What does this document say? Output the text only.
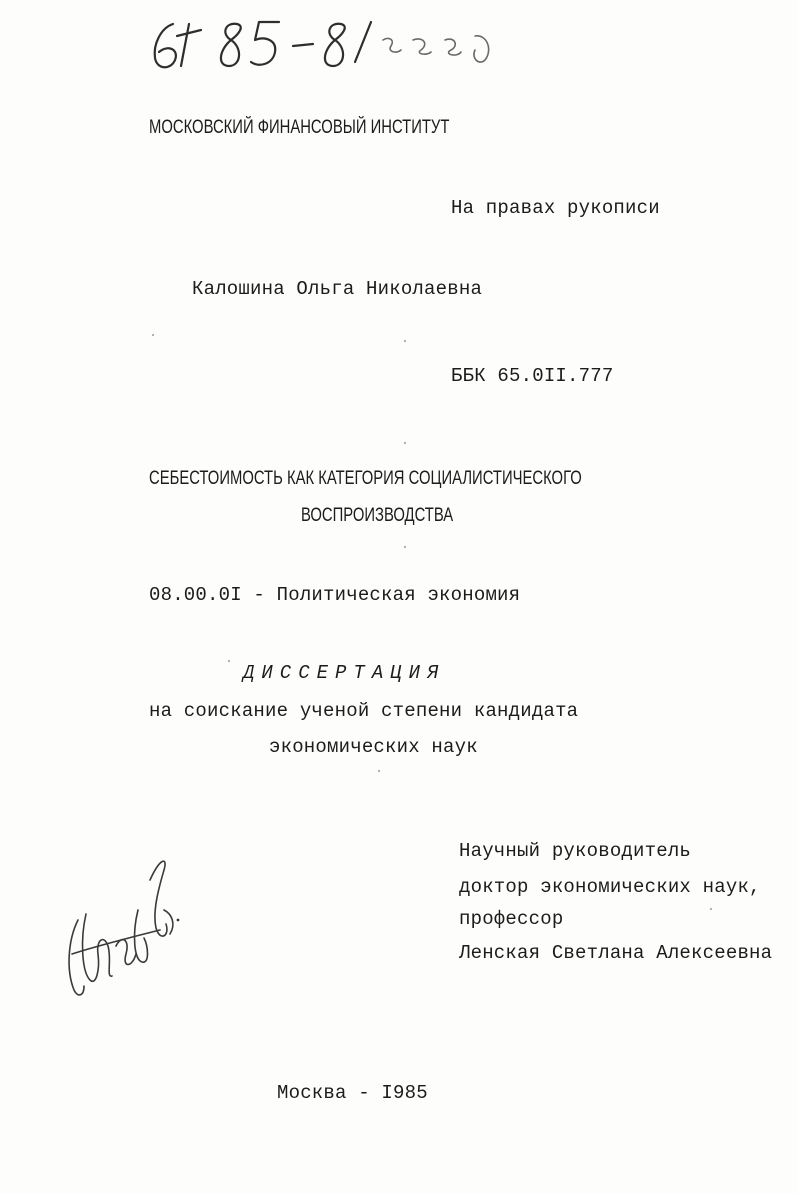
МОСКОВСКИЙ ФИНАНСОВЫЙ ИНСТИТУТ
На правах рукописи
Калошина Ольга Николаевна
ББК 65.0II.777
СЕБЕСТОИМОСТЬ КАК КАТЕГОРИЯ СОЦИАЛИСТИЧЕСКОГО
ВОСПРОИЗВОДСТВА
08.00.0I - Политическая экономия
ДИССЕРТАЦИЯ
на соискание ученой степени кандидата
экономических наук
Научный руководитель
доктор экономических наук,
профессор
Ленская Светлана Алексеевна
Москва - I985
